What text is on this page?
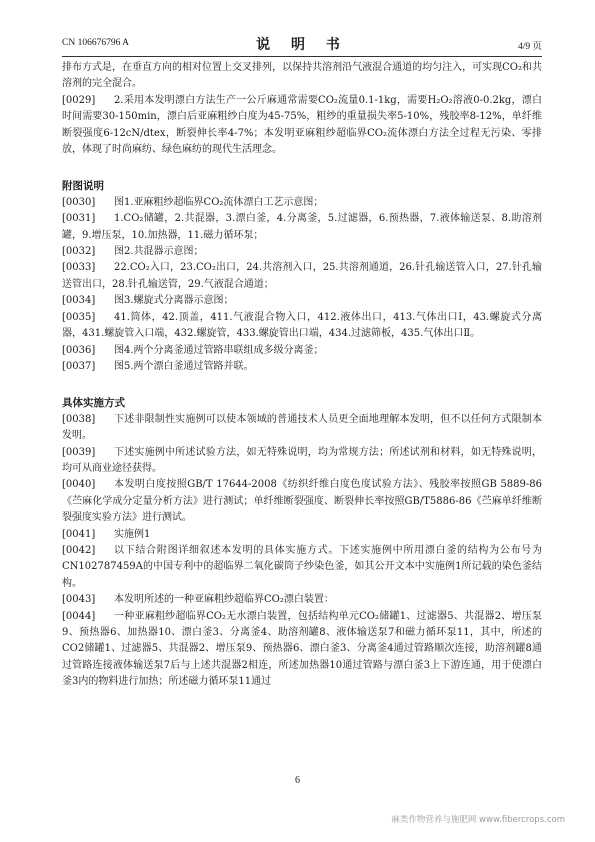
CN 106676796 A	说 明 书	4/9 页

排布方式是，在垂直方向的相对位置上交叉排列，以保持共溶剂沿气液混合通道的均匀注入，可实现CO₂和共溶剂的完全混合。

[0029]	2.采用本发明漂白方法生产一公斤麻通常需要CO₂流量0.1-1kg，需要H₂O₂溶液0-0.2kg，漂白时间需要30-150min，漂白后亚麻粗纱白度为45-75%，粗纱的重量损失率5-10%，残胶率8-12%，单纤维断裂强度6-12cN/dtex，断裂伸长率4-7%；本发明亚麻粗纱超临界CO₂流体漂白方法全过程无污染、零排放，体现了时尚麻纺、绿色麻纺的现代生活理念。

附图说明

[0030]	图1.亚麻粗纱超临界CO₂流体漂白工艺示意图；
[0031]	1.CO₂储罐，2.共混器，3.漂白釜，4.分离釜，5.过滤器，6.预热器，7.液体输送泵、8.助溶剂罐，9.增压泵，10.加热器，11.磁力循环泵；
[0032]	图2.共混器示意图；
[0033]	22.CO₂入口，23.CO₂出口，24.共溶剂入口，25.共溶剂通道，26.针孔输送管入口，27.针孔输送管出口，28.针孔输送管，29.气液混合通道；
[0034]	图3.螺旋式分离器示意图；
[0035]	41.筒体，42.顶盖，411.气液混合物入口，412.液体出口，413.气体出口Ⅰ，43.螺旋式分离器，431.螺旋管入口端，432.螺旋管，433.螺旋管出口端，434.过滤筛板，435.气体出口Ⅱ。
[0036]	图4.两个分离釜通过管路串联组成多级分离釜；
[0037]	图5.两个漂白釜通过管路并联。

具体实施方式

[0038]	下述非限制性实施例可以使本领域的普通技术人员更全面地理解本发明，但不以任何方式限制本发明。
[0039]	下述实施例中所述试验方法，如无特殊说明，均为常规方法；所述试剂和材料，如无特殊说明，均可从商业途径获得。
[0040]	本发明白度按照GB/T 17644-2008《纺织纤维白度色度试验方法》、残胶率按照GB 5889-86《苎麻化学成分定量分析方法》进行测试；单纤维断裂强度、断裂伸长率按照GB/T5886-86《苎麻单纤维断裂强度实验方法》进行测试。
[0041]	实施例1
[0042]	以下结合附图详细叙述本发明的具体实施方式。下述实施例中所用漂白釜的结构为公布号为CN102787459A的中国专利中的超临界二氧化碳筒子纱染色釜，如其公开文本中实施例1所记载的染色釜结构。
[0043]	本发明所述的一种亚麻粗纱超临界CO₂漂白装置：
[0044]	一种亚麻粗纱超临界CO₂无水漂白装置，包括结构单元CO₂储罐1、过滤器5、共混器2、增压泵9、预热器6、加热器10、漂白釜3、分离釜4、助溶剂罐8、液体输送泵7和磁力循环泵11，其中，所述的CO2储罐1、过滤器5、共混器2、增压泵9、预热器6、漂白釜3、分离釜4通过管路顺次连接，助溶剂罐8通过管路连接液体输送泵7后与上述共混器2相连，所述加热器10通过管路与漂白釜3上下游连通，用于使漂白釜3内的物料进行加热；所述磁力循环泵11通过
6
麻类作物营养与施肥网 www.fibercrops.com
